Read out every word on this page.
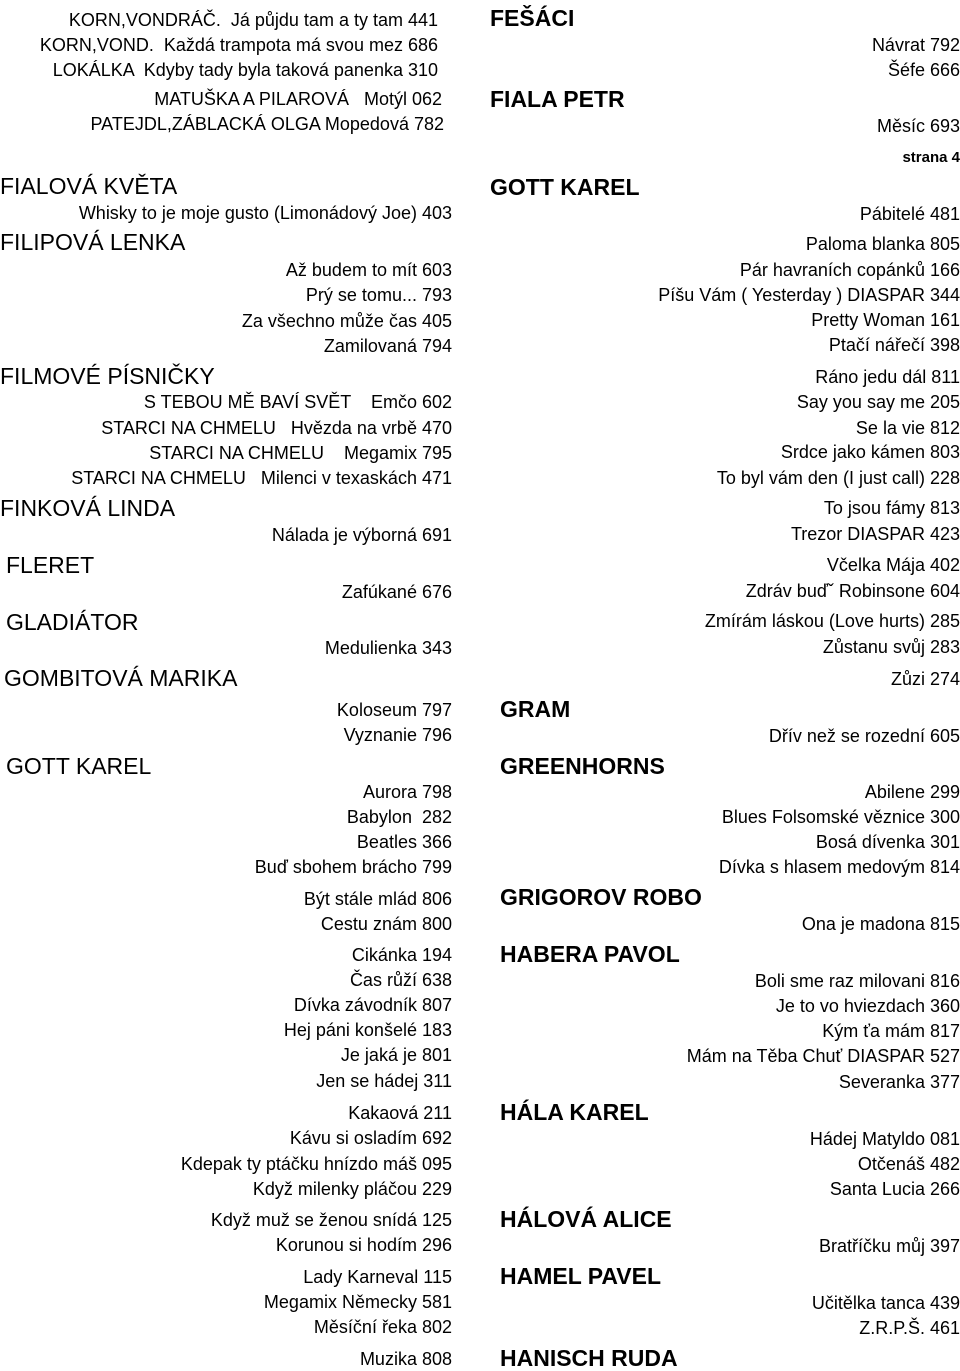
KORN,VONDRÁČ.  Já půjdu tam a ty tam 441
KORN,VOND.  Každá trampota má svou mez 686
LOKÁLKA  Kdyby tady byla taková panenka 310
MATUŠKA A PILAROVÁ   Motýl 062
PATEJDL,ZÁBLACKÁ OLGA Mopedová 782
FIALOVÁ KVĚTA
Whisky to je moje gusto (Limonádový Joe) 403
FILIPOVÁ LENKA
Až budem to mít 603
Prý se tomu... 793
Za všechno může čas 405
Zamilovaná 794
FILMOVÉ PÍSNIČKY
S TEBOU MĚ BAVÍ SVĚT    Emčo 602
STARCI NA CHMELU   Hvězda na vrbě 470
STARCI NA CHMELU    Megamix 795
STARCI NA CHMELU   Milenci v texaskách 471
FINKOVÁ LINDA
Nálada je výborná 691
FLERET
Zafúkané 676
GLADIÁTOR
Medulienka 343
GOMBITOVÁ MARIKA
Koloseum 797
Vyznanie 796
GOTT KAREL
Aurora 798
Babylon  282
Beatles 366
Buď sbohem brácho 799
Být stále mlád 806
Cestu znám 800
Cikánka 194
Čas růží 638
Dívka závodník 807
Hej páni konšelé 183
Je jaká je 801
Jen se hádej 311
Kakaová 211
Kávu si osladím 692
Kdepak ty ptáčku hnízdo máš 095
Když milenky pláčou 229
Když muž se ženou snídá 125
Korunou si hodím 296
Lady Karneval 115
Megamix Německy 581
Měsíční řeka 802
Muzika 808
FEŠÁCI
Návrat 792
Šéfe 666
FIALA PETR
Měsíc 693
strana 4
GOTT KAREL
Pábitelé 481
Paloma blanka 805
Pár havraních copánků 166
Píšu Vám ( Yesterday ) DIASPAR 344
Pretty Woman 161
Ptačí nářečí 398
Ráno jedu dál 811
Say you say me 205
Se la vie 812
Srdce jako kámen 803
To byl vám den (I just call) 228
To jsou fámy 813
Trezor DIASPAR 423
Včelka Mája 402
Zdráv buďˇ Robinsone 604
Zmírám láskou (Love hurts) 285
Zůstanu svůj 283
Zůzi 274
GRAM
Dřív než se rozední 605
GREENHORNS
Abilene 299
Blues Folsomské věznice 300
Bosá dívenka 301
Dívka s hlasem medovým 814
GRIGOROV ROBO
Ona je madona 815
HABERA PAVOL
Boli sme raz milovani 816
Je to vo hviezdach 360
Kým ťa mám 817
Mám na Těba Chuť DIASPAR 527
Severanka 377
HÁLA KAREL
Hádej Matyldo 081
Otčenáš 482
Santa Lucia 266
HÁLOVÁ ALICE
Bratříčku můj 397
HAMEL PAVEL
Učitělka tanca 439
Z.R.P.Š. 461
HANISCH RUDA
